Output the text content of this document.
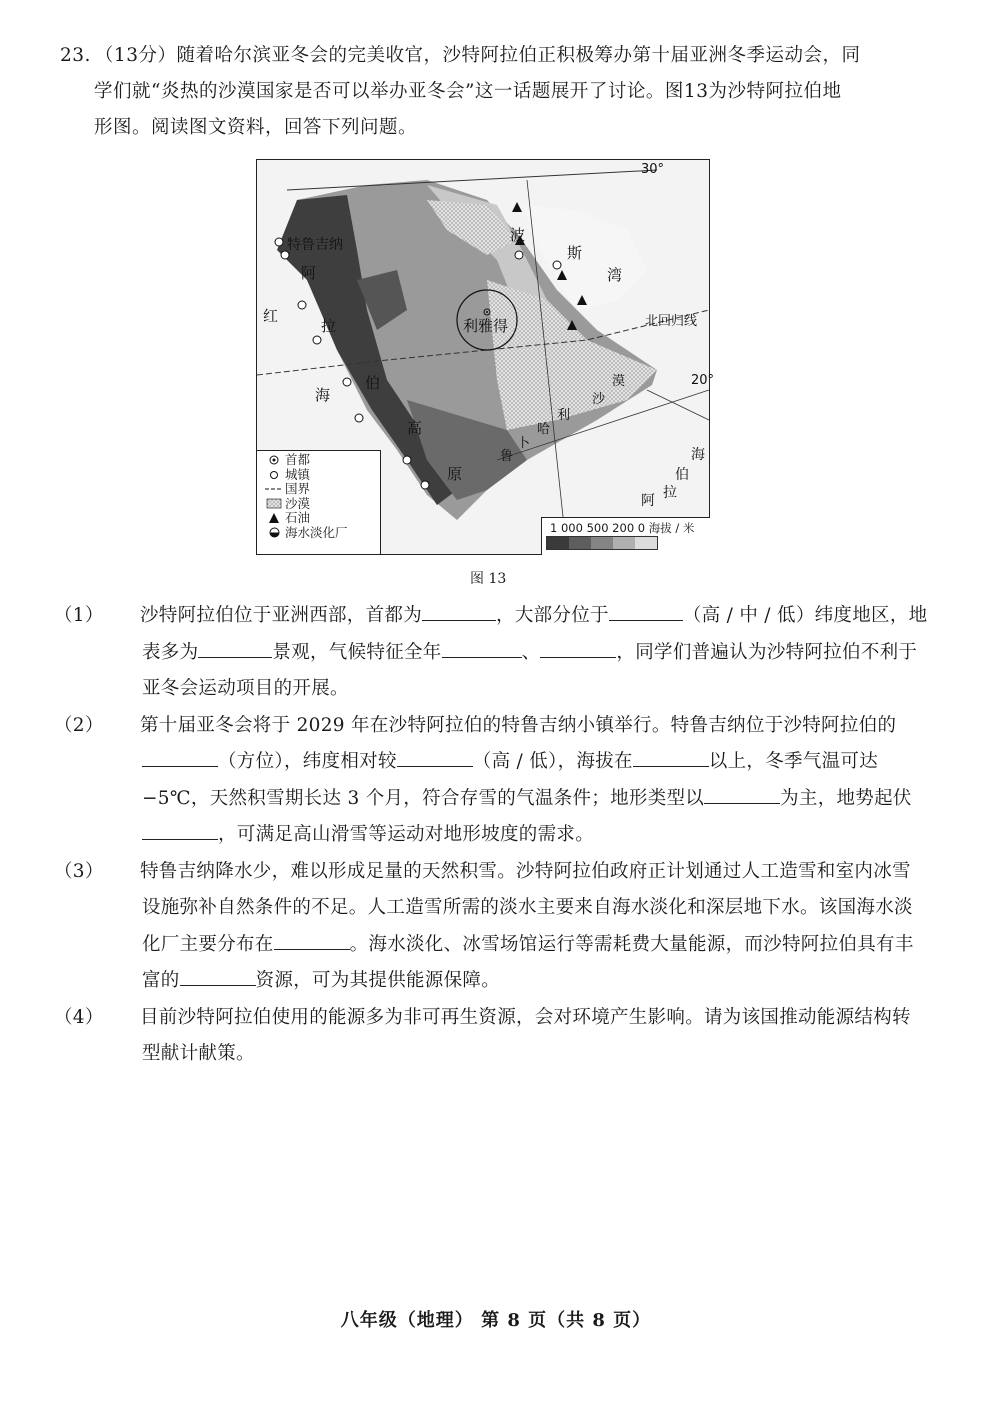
23. （13分）随着哈尔滨亚冬会的完美收官，沙特阿拉伯正积极筹办第十届亚洲冬季运动会，同
学们就“炎热的沙漠国家是否可以举办亚冬会”这一话题展开了讨论。图13为沙特阿拉伯地
形图。阅读图文资料，回答下列问题。
特鲁吉纳
波
斯
湾
红
海
阿
拉
伯
高
原
利雅得	北回归线
30°
20°
鲁
卜
哈
利
沙
漠
阿 拉
伯
海
首都
城镇
国界
沙漠
石油
海水淡化厂	1 000 500 200 0 海拔 / 米
图 13
（1） 沙特阿拉伯位于亚洲西部，首都为	，大部分位于	（高 / 中 / 低）纬度地区，地表多为	景观，气候特征全年	、	，同学们普遍认为沙特阿拉伯不利于亚冬会运动项目的开展。
（2） 第十届亚冬会将于 2029 年在沙特阿拉伯的特鲁吉纳小镇举行。特鲁吉纳位于沙特阿拉伯的（方位），纬度相对较	（高 / 低），海拔在	以上，冬季气温可达 −5℃，天然积雪期长达 3 个月，符合存雪的气温条件；地形类型以	为主，地势起伏，可满足高山滑雪等运动对地形坡度的需求。
（3） 特鲁吉纳降水少，难以形成足量的天然积雪。沙特阿拉伯政府正计划通过人工造雪和室内冰雪设施弥补自然条件的不足。人工造雪所需的淡水主要来自海水淡化和深层地下水。该国海水淡化厂主要分布在	。海水淡化、冰雪场馆运行等需耗费大量能源，而沙特阿拉伯具有丰富的	资源，可为其提供能源保障。
（4） 目前沙特阿拉伯使用的能源多为非可再生资源，会对环境产生影响。请为该国推动能源结构转型献计献策。
八年级（地理） 第 8 页（共 8 页）
